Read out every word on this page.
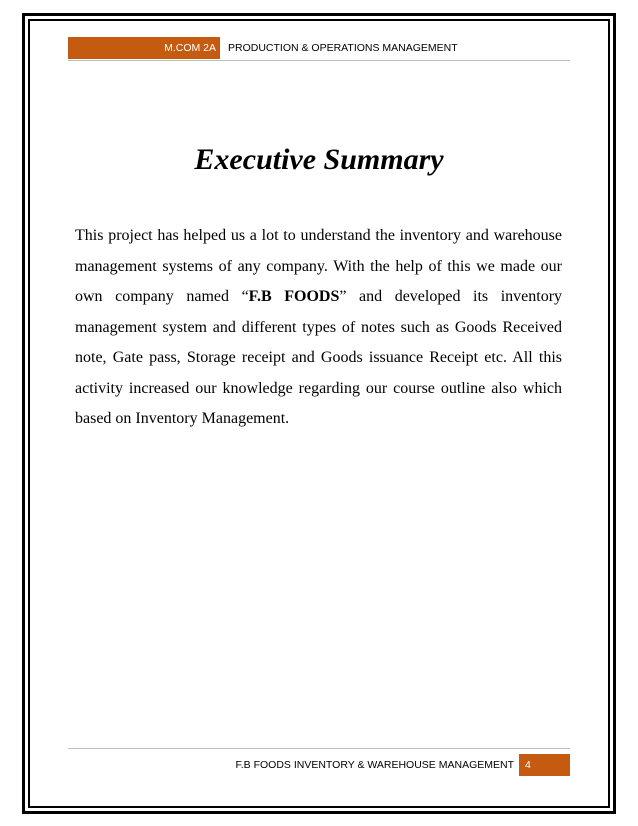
M.COM 2A	PRODUCTION & OPERATIONS MANAGEMENT
Executive Summary

This project has helped us a lot to understand the inventory and warehouse management systems of any company. With the help of this we made our own company named “F.B FOODS” and developed its inventory management system and different types of notes such as Goods Received note, Gate pass, Storage receipt and Goods issuance Receipt etc. All this activity increased our knowledge regarding our course outline also which based on Inventory Management.

F.B FOODS INVENTORY & WAREHOUSE MANAGEMENT	4
